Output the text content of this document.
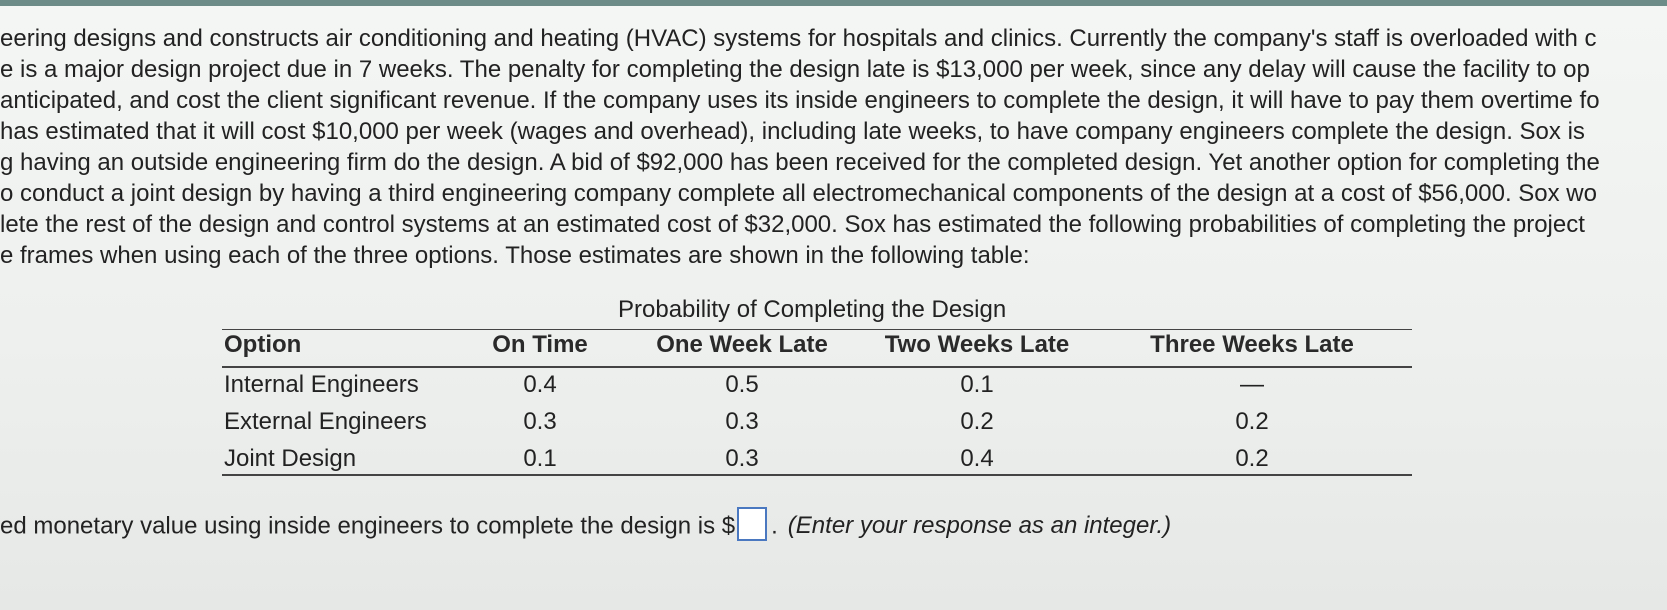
eering designs and constructs air conditioning and heating (HVAC) systems for hospitals and clinics. Currently the company's staff is overloaded with c
e is a major design project due in 7 weeks. The penalty for completing the design late is $13,000 per week, since any delay will cause the facility to op
anticipated, and cost the client significant revenue. If the company uses its inside engineers to complete the design, it will have to pay them overtime fo
has estimated that it will cost $10,000 per week (wages and overhead), including late weeks, to have company engineers complete the design. Sox is
g having an outside engineering firm do the design. A bid of $92,000 has been received for the completed design. Yet another option for completing the
o conduct a joint design by having a third engineering company complete all electromechanical components of the design at a cost of $56,000. Sox wo
lete the rest of the design and control systems at an estimated cost of $32,000. Sox has estimated the following probabilities of completing the project
e frames when using each of the three options. Those estimates are shown in the following table:
Probability of Completing the Design
Option	On Time	One Week Late	Two Weeks Late	Three Weeks Late
Internal Engineers	0.4	0.5	0.1	—
External Engineers	0.3	0.3	0.2	0.2
Joint Design	0.1	0.3	0.4	0.2
ed monetary value using inside engineers to complete the design is $ . (Enter your response as an integer.)
